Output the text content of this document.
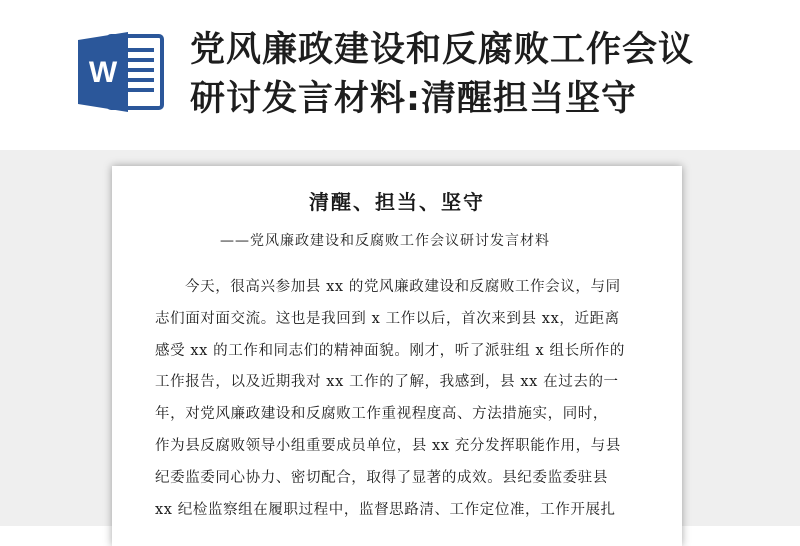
W
党风廉政建设和反腐败工作会议
研讨发言材料:清醒担当坚守
清醒、担当、坚守
——党风廉政建设和反腐败工作会议研讨发言材料
今天，很高兴参加县 xx 的党风廉政建设和反腐败工作会议，与同
志们面对面交流。这也是我回到 x 工作以后，首次来到县 xx，近距离
感受 xx 的工作和同志们的精神面貌。刚才，听了派驻组 x 组长所作的
工作报告，以及近期我对 xx 工作的了解，我感到，县 xx 在过去的一
年，对党风廉政建设和反腐败工作重视程度高、方法措施实，同时，
作为县反腐败领导小组重要成员单位，县 xx 充分发挥职能作用，与县
纪委监委同心协力、密切配合，取得了显著的成效。县纪委监委驻县
xx 纪检监察组在履职过程中，监督思路清、工作定位准，工作开展扎
